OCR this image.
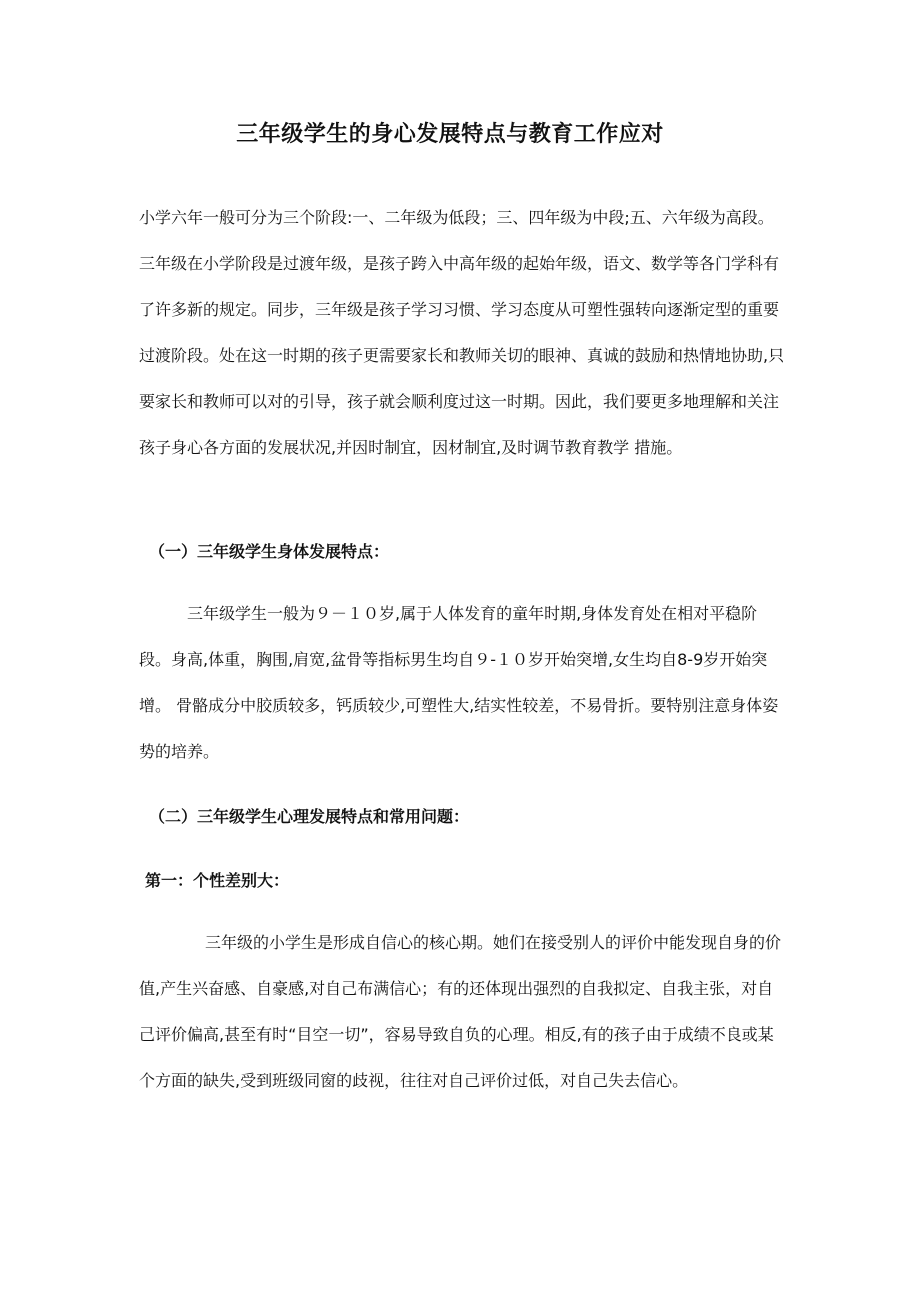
三年级学生的身心发展特点与教育工作应对

小学六年一般可分为三个阶段:一、二年级为低段；三、四年级为中段;五、六年级为高段。三年级在小学阶段是过渡年级，是孩子跨入中高年级的起始年级，语文、数学等各门学科有了许多新的规定。同步，三年级是孩子学习习惯、学习态度从可塑性强转向逐渐定型的重要过渡阶段。处在这一时期的孩子更需要家长和教师关切的眼神、真诚的鼓励和热情地协助,只要家长和教师可以对的引导，孩子就会顺利度过这一时期。因此，我们要更多地理解和关注孩子身心各方面的发展状况,并因时制宜，因材制宜,及时调节教育教学 措施。

（一）三年级学生身体发展特点：

三年级学生一般为９－１０岁,属于人体发育的童年时期,身体发育处在相对平稳阶段。身高,体重，胸围,肩宽,盆骨等指标男生均自９-１０岁开始突增,女生均自8-9岁开始突增。 骨骼成分中胶质较多，钙质较少,可塑性大,结实性较差，不易骨折。要特别注意身体姿势的培养。

（二）三年级学生心理发展特点和常用问题：

第一：个性差别大：

三年级的小学生是形成自信心的核心期。她们在接受别人的评价中能发现自身的价值,产生兴奋感、自豪感,对自己布满信心；有的还体现出强烈的自我拟定、自我主张，对自己评价偏高,甚至有时“目空一切”，容易导致自负的心理。相反,有的孩子由于成绩不良或某个方面的缺失,受到班级同窗的歧视，往往对自己评价过低，对自己失去信心。
